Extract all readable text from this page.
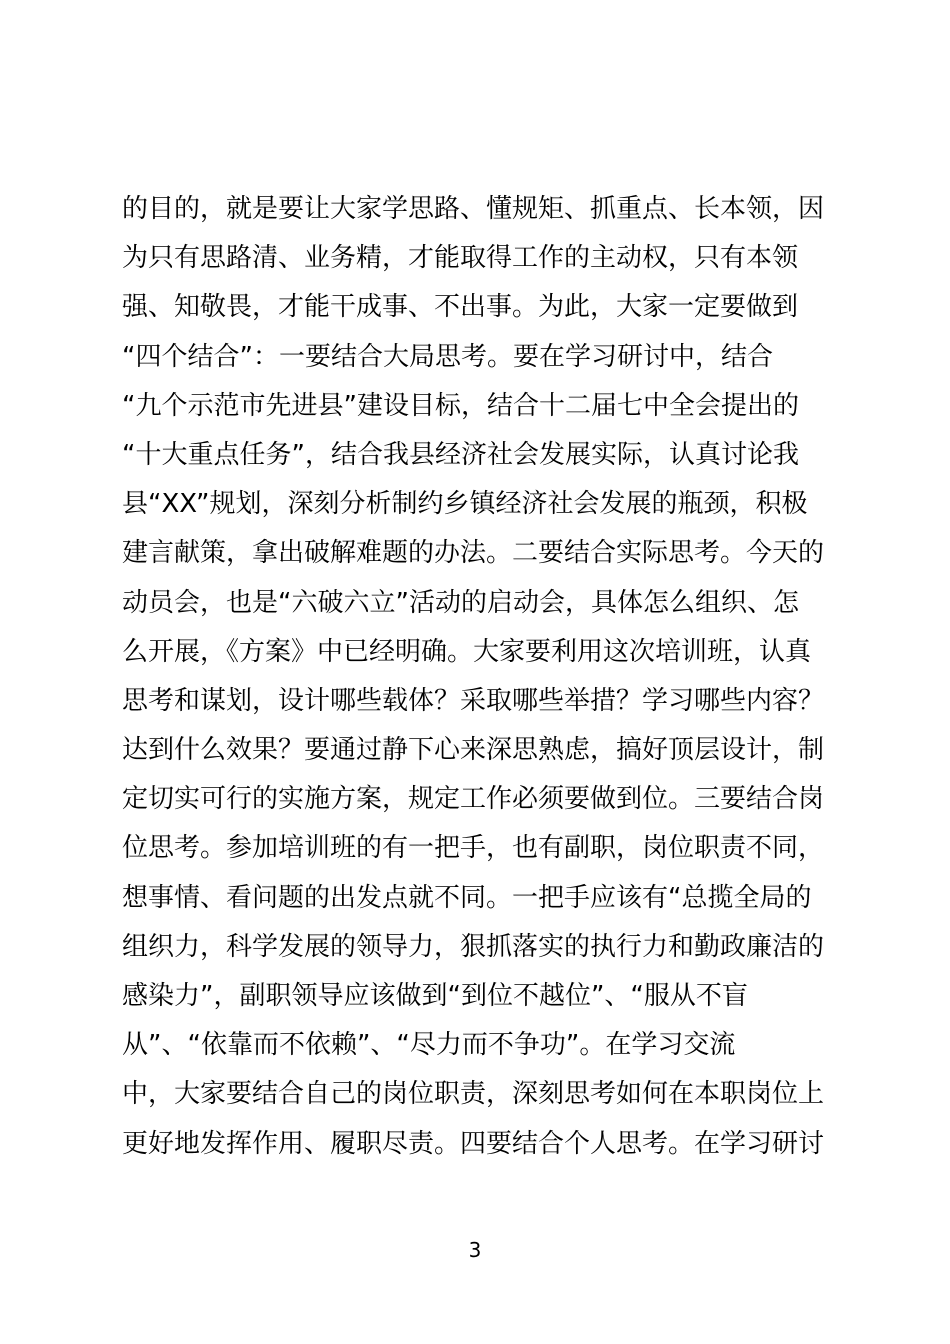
的目的，就是要让大家学思路、懂规矩、抓重点、长本领，因
为只有思路清、业务精，才能取得工作的主动权，只有本领
强、知敬畏，才能干成事、不出事。为此，大家一定要做到
“四个结合”：一要结合大局思考。要在学习研讨中，结合
“九个示范市先进县”建设目标，结合十二届七中全会提出的
“十大重点任务”，结合我县经济社会发展实际，认真讨论我
县“XX”规划，深刻分析制约乡镇经济社会发展的瓶颈，积极
建言献策，拿出破解难题的办法。二要结合实际思考。今天的
动员会，也是“六破六立”活动的启动会，具体怎么组织、怎
么开展，《方案》中已经明确。大家要利用这次培训班，认真
思考和谋划，设计哪些载体？采取哪些举措？学习哪些内容？
达到什么效果？要通过静下心来深思熟虑，搞好顶层设计，制
定切实可行的实施方案，规定工作必须要做到位。三要结合岗
位思考。参加培训班的有一把手，也有副职，岗位职责不同，
想事情、看问题的出发点就不同。一把手应该有“总揽全局的
组织力，科学发展的领导力，狠抓落实的执行力和勤政廉洁的
感染力”，副职领导应该做到“到位不越位”、“服从不盲
从”、“依靠而不依赖”、“尽力而不争功”。在学习交流
中，大家要结合自己的岗位职责，深刻思考如何在本职岗位上
更好地发挥作用、履职尽责。四要结合个人思考。在学习研讨
3
